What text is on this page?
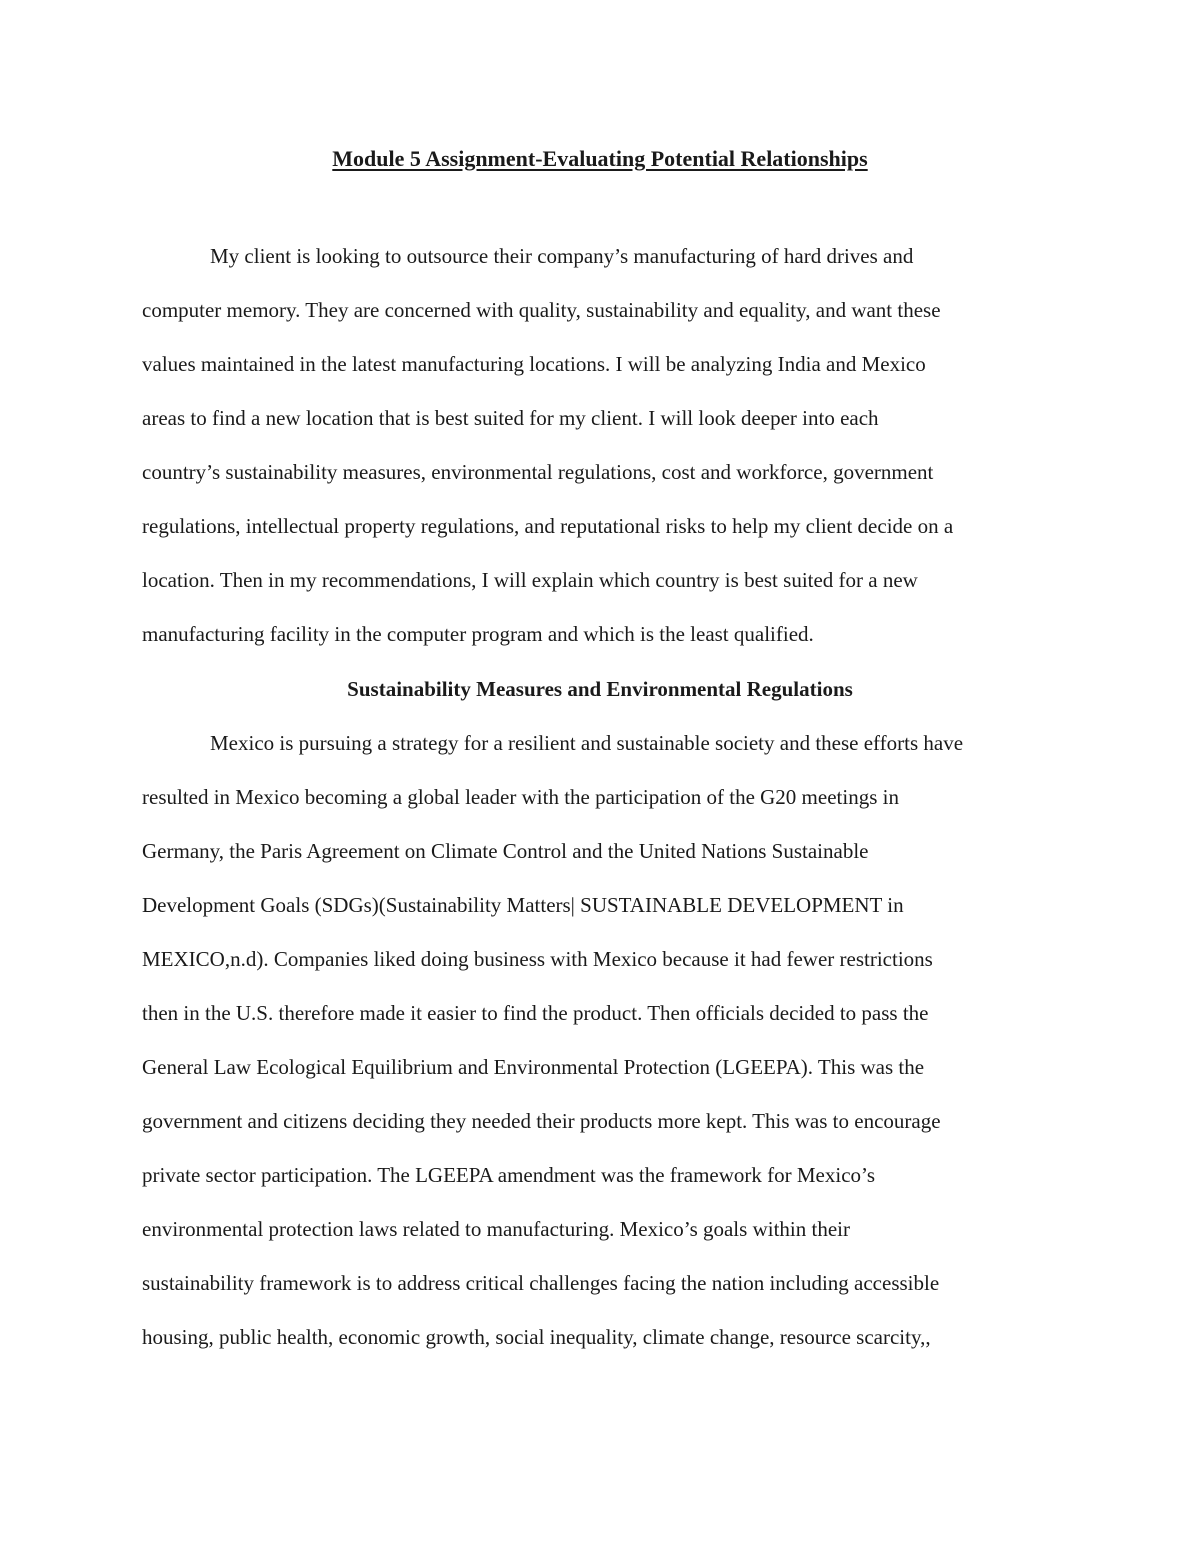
Module 5 Assignment-Evaluating Potential Relationships

My client is looking to outsource their company’s manufacturing of hard drives and

computer memory. They are concerned with quality, sustainability and equality, and want these

values maintained in the latest manufacturing locations. I will be analyzing India and Mexico

areas to find a new location that is best suited for my client. I will look deeper into each

country’s sustainability measures, environmental regulations, cost and workforce, government

regulations, intellectual property regulations, and reputational risks to help my client decide on a

location. Then in my recommendations, I will explain which country is best suited for a new

manufacturing facility in the computer program and which is the least qualified.

Sustainability Measures and Environmental Regulations

Mexico is pursuing a strategy for a resilient and sustainable society and these efforts have

resulted in Mexico becoming a global leader with the participation of the G20 meetings in

Germany, the Paris Agreement on Climate Control and the United Nations Sustainable

Development Goals (SDGs)(Sustainability Matters| SUSTAINABLE DEVELOPMENT in

MEXICO,n.d). Companies liked doing business with Mexico because it had fewer restrictions

then in the U.S. therefore made it easier to find the product. Then officials decided to pass the

General Law Ecological Equilibrium and Environmental Protection (LGEEPA). This was the

government and citizens deciding they needed their products more kept. This was to encourage

private sector participation. The LGEEPA amendment was the framework for Mexico’s

environmental protection laws related to manufacturing. Mexico’s goals within their

sustainability framework is to address critical challenges facing the nation including accessible

housing, public health, economic growth, social inequality, climate change, resource scarcity,,
